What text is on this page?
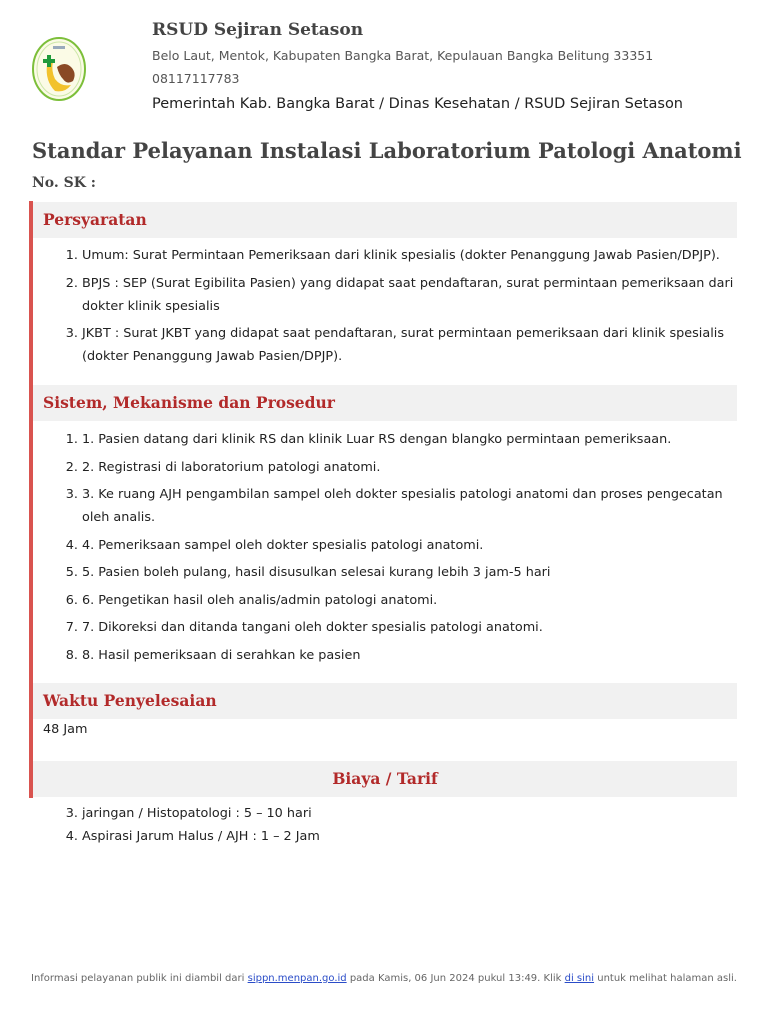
RSUD Sejiran Setason
Belo Laut, Mentok, Kabupaten Bangka Barat, Kepulauan Bangka Belitung 33351
08117117783
Pemerintah Kab. Bangka Barat / Dinas Kesehatan / RSUD Sejiran Setason
Standar Pelayanan Instalasi Laboratorium Patologi Anatomi
No. SK :
Persyaratan
1. Umum: Surat Permintaan Pemeriksaan dari klinik spesialis (dokter Penanggung Jawab Pasien/DPJP).
2. BPJS : SEP (Surat Egibilita Pasien) yang didapat saat pendaftaran, surat permintaan pemeriksaan dari dokter klinik spesialis
3. JKBT : Surat JKBT yang didapat saat pendaftaran, surat permintaan pemeriksaan dari klinik spesialis (dokter Penanggung Jawab Pasien/DPJP).
Sistem, Mekanisme dan Prosedur
1. 1. Pasien datang dari klinik RS dan klinik Luar RS dengan blangko permintaan pemeriksaan.
2. 2. Registrasi di laboratorium patologi anatomi.
3. 3. Ke ruang AJH pengambilan sampel oleh dokter spesialis patologi anatomi dan proses pengecatan oleh analis.
4. 4. Pemeriksaan sampel oleh dokter spesialis patologi anatomi.
5. 5. Pasien boleh pulang, hasil disusulkan selesai kurang lebih 3 jam-5 hari
6. 6. Pengetikan hasil oleh analis/admin patologi anatomi.
7. 7. Dikoreksi dan ditanda tangani oleh dokter spesialis patologi anatomi.
8. 8. Hasil pemeriksaan di serahkan ke pasien
Waktu Penyelesaian
48 Jam
Biaya / Tarif
3. jaringan / Histopatologi : 5 – 10 hari
4. Aspirasi Jarum Halus / AJH : 1 – 2 Jam
Informasi pelayanan publik ini diambil dari sippn.menpan.go.id pada Kamis, 06 Jun 2024 pukul 13:49. Klik di sini untuk melihat halaman asli.
